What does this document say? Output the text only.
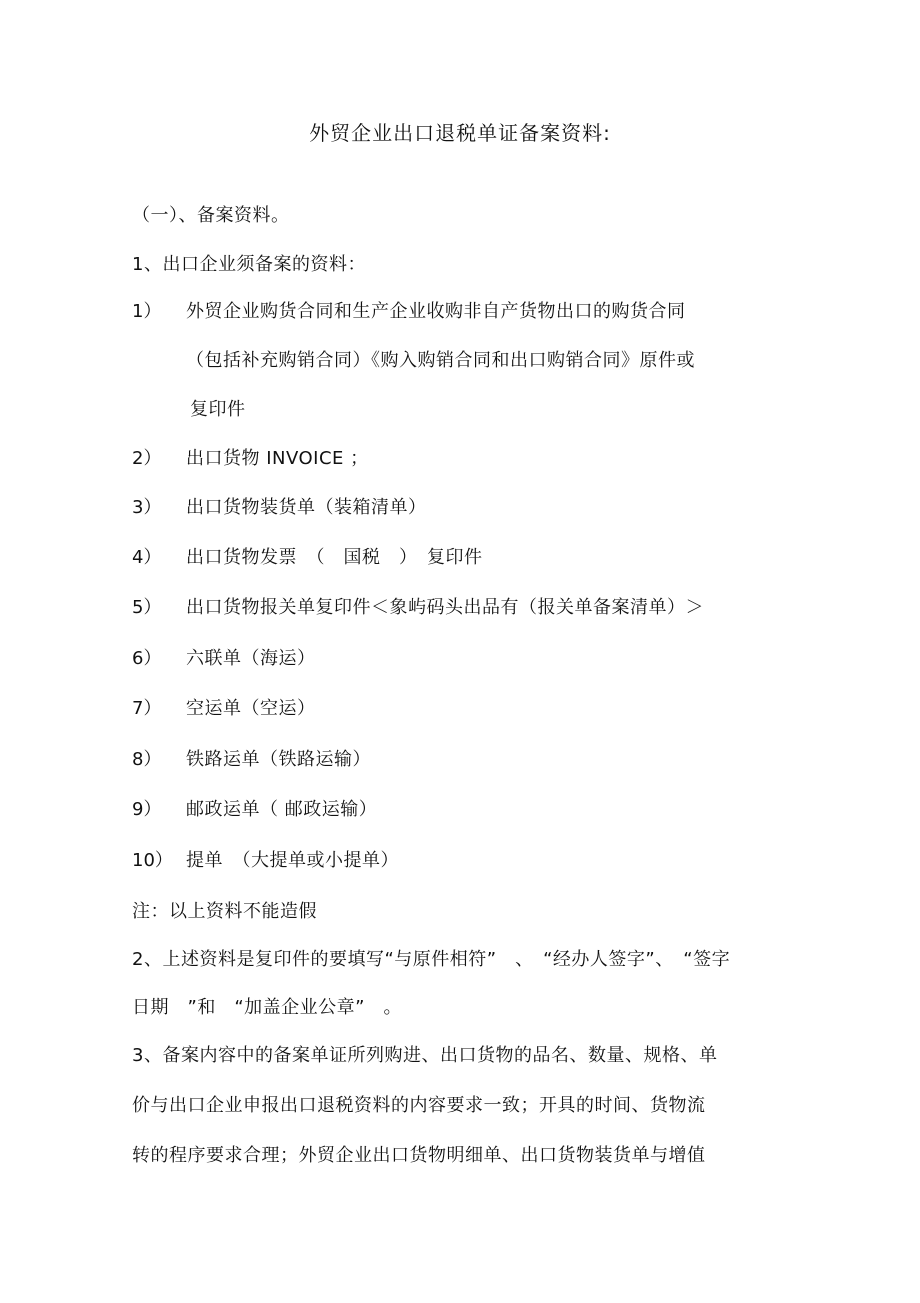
外贸企业出口退税单证备案资料:
（一）、备案资料。
1、出口企业须备案的资料：
1） 外贸企业购货合同和生产企业收购非自产货物出口的购货合同
（包括补充购销合同）《购入购销合同和出口购销合同》原件或
复印件
2） 出口货物 INVOICE ；
3） 出口货物装货单（装箱清单）
4） 出口货物发票　（　国税　）　复印件
5） 出口货物报关单复印件＜象屿码头出品有（报关单备案清单）＞
6） 六联单（海运）
7） 空运单（空运）
8） 铁路运单（铁路运输）
9） 邮政运单（ 邮政运输）
10） 提单　（大提单或小提单）
注：以上资料不能造假
2、上述资料是复印件的要填写“与原件相符”　、　“经办人签字”、　“签字
日期　”和　“加盖企业公章”　。
3、备案内容中的备案单证所列购进、出口货物的品名、数量、规格、单
价与出口企业申报出口退税资料的内容要求一致；开具的时间、货物流
转的程序要求合理；外贸企业出口货物明细单、出口货物装货单与增值
